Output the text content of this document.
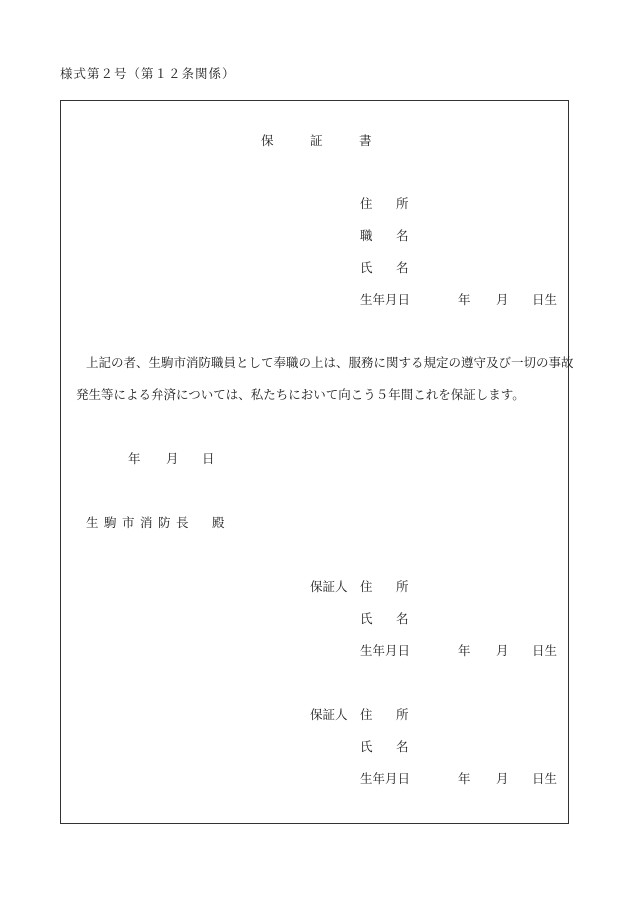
様式第２号（第１２条関係）
保	証	書
住 所
職 名
氏 名
生年月日	年 月 日生
上記の者、生駒市消防職員として奉職の上は、服務に関する規定の遵守及び一切の事故
発生等による弁済については、私たちにおいて向こう５年間これを保証します。
年 月 日
生 駒 市 消 防 長 殿
保証人 住 所
氏 名
生年月日	年 月 日生
保証人 住 所
氏 名
生年月日	年 月 日生
